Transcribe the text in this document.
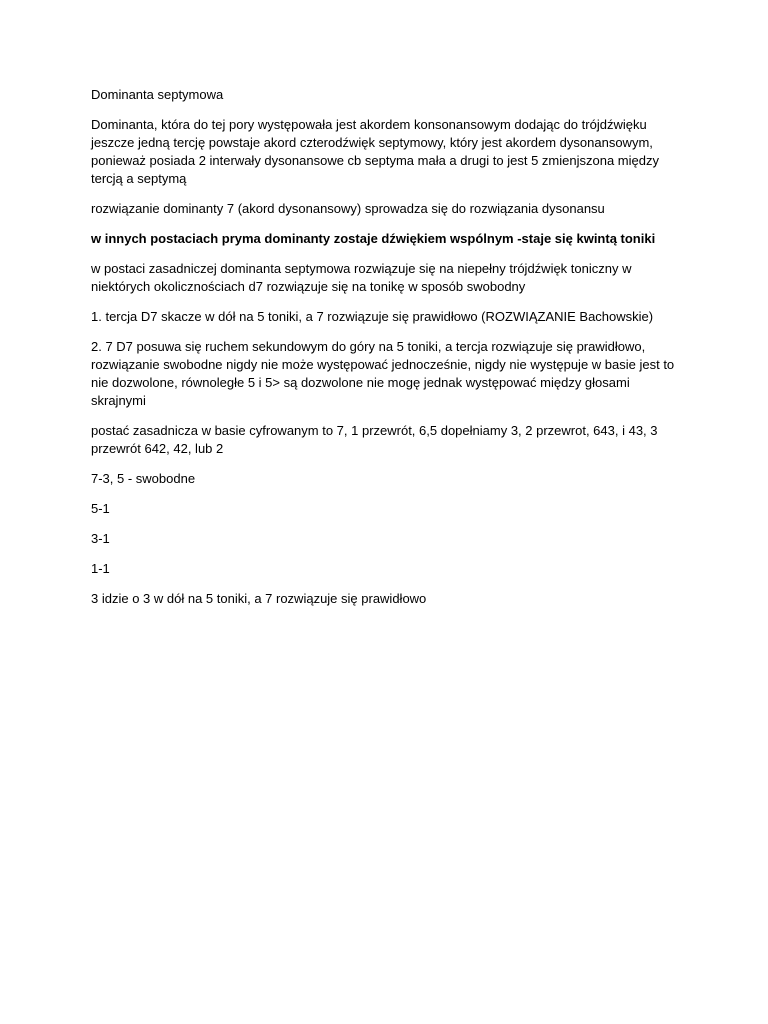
Dominanta septymowa

Dominanta, która do tej pory występowała jest akordem konsonansowym dodając do trójdźwięku jeszcze jedną tercję powstaje akord czterodźwięk septymowy, który jest akordem dysonansowym, ponieważ posiada 2 interwały dysonansowe cb septyma mała a drugi to jest 5 zmienjszona między tercją a septymą

rozwiązanie dominanty 7 (akord dysonansowy) sprowadza się do rozwiązania dysonansu

w innych postaciach pryma dominanty zostaje dźwiękiem wspólnym -staje się kwintą toniki

w postaci zasadniczej dominanta septymowa rozwiązuje się na niepełny trójdźwięk toniczny w niektórych okolicznościach d7 rozwiązuje się na tonikę w sposób swobodny

1. tercja D7 skacze w dół na 5 toniki, a 7 rozwiązuje się prawidłowo (ROZWIĄZANIE Bachowskie)

2. 7 D7 posuwa się ruchem sekundowym do góry na 5 toniki, a tercja rozwiązuje się prawidłowo, rozwiązanie swobodne nigdy nie może występować jednocześnie, nigdy nie występuje w basie jest to nie dozwolone, równoległe 5 i 5> są dozwolone nie mogę jednak występować między głosami skrajnymi

postać zasadnicza w basie cyfrowanym to 7, 1 przewrót, 6,5 dopełniamy 3, 2 przewrot, 643, i 43, 3 przewrót 642, 42, lub 2

7-3, 5 - swobodne

5-1

3-1

1-1

3 idzie o 3 w dół na 5 toniki, a 7 rozwiązuje się prawidłowo
